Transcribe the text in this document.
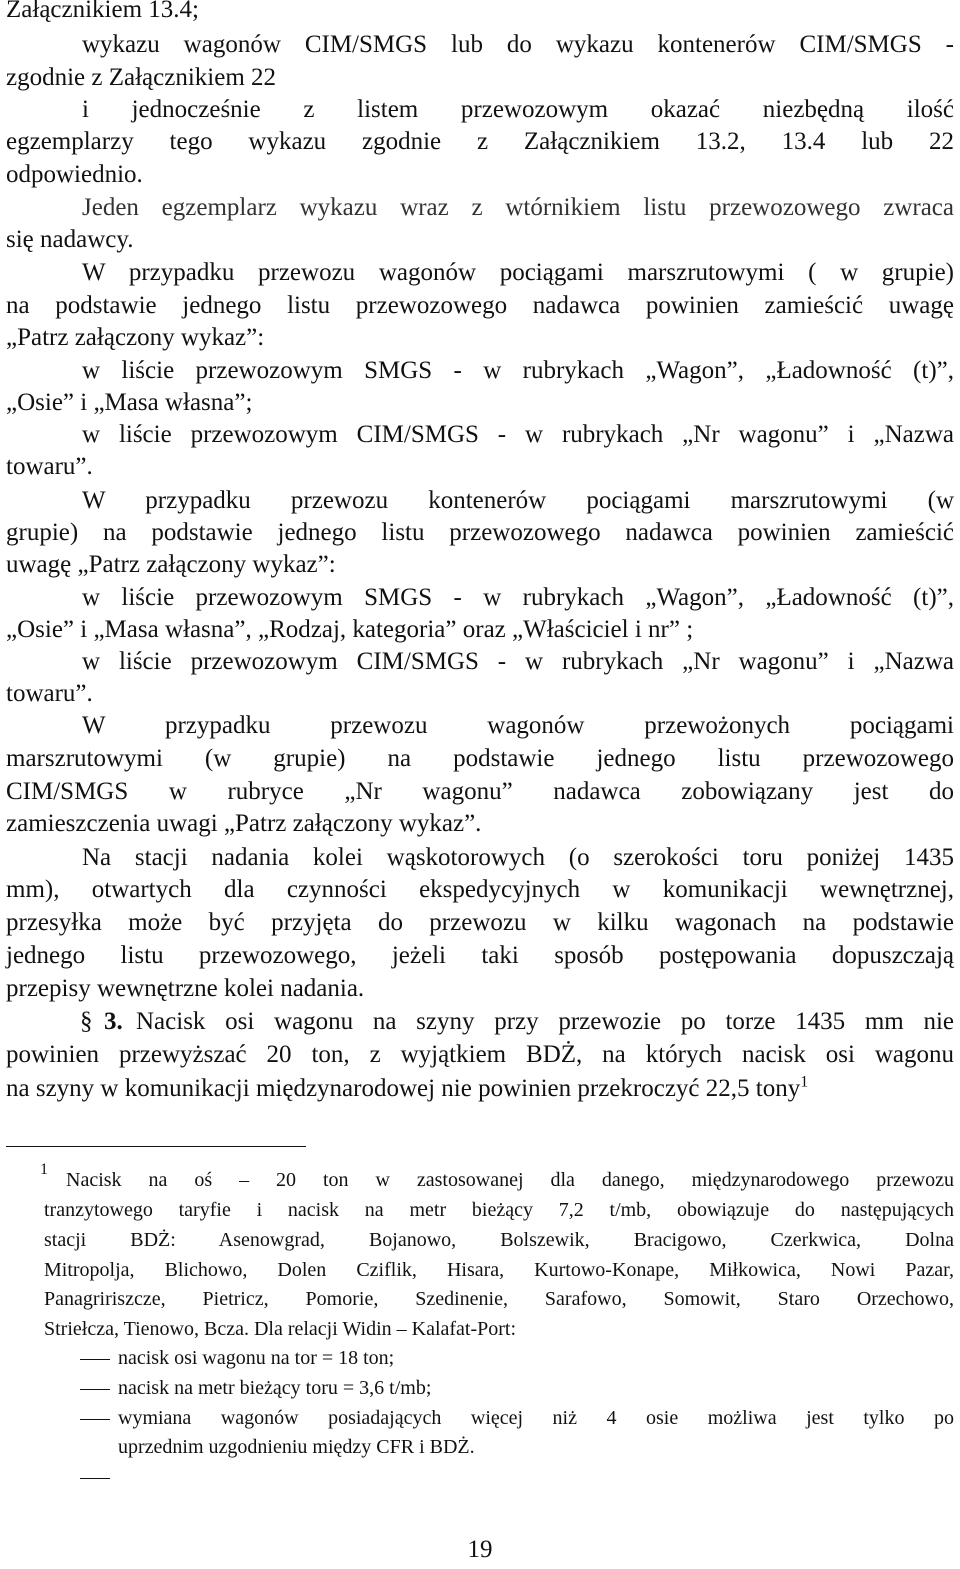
Załącznikiem 13.4;
wykazu wagonów CIM/SMGS lub do wykazu kontenerów CIM/SMGS -
zgodnie z Załącznikiem 22
i jednocześnie z listem przewozowym okazać niezbędną ilość
egzemplarzy tego wykazu zgodnie z Załącznikiem 13.2, 13.4 lub 22
odpowiednio.
Jeden egzemplarz wykazu wraz z wtórnikiem listu przewozowego zwraca
się nadawcy.
W przypadku przewozu wagonów pociągami marszrutowymi ( w grupie)
na podstawie jednego listu przewozowego nadawca powinien zamieścić uwagę
„Patrz załączony wykaz”:
w liście przewozowym SMGS - w rubrykach „Wagon”, „Ładowność (t)”,
„Osie” i „Masa własna”;
w liście przewozowym CIM/SMGS - w rubrykach „Nr wagonu” i „Nazwa
towaru”.
W przypadku przewozu kontenerów pociągami marszrutowymi (w
grupie) na podstawie jednego listu przewozowego nadawca powinien zamieścić
uwagę „Patrz załączony wykaz”:
w liście przewozowym SMGS - w rubrykach „Wagon”, „Ładowność (t)”,
„Osie” i „Masa własna”, „Rodzaj, kategoria” oraz „Właściciel i nr” ;
w liście przewozowym CIM/SMGS - w rubrykach „Nr wagonu” i „Nazwa
towaru”.
W przypadku przewozu wagonów przewożonych pociągami
marszrutowymi (w grupie) na podstawie jednego listu przewozowego
CIM/SMGS w rubryce „Nr wagonu” nadawca zobowiązany jest do
zamieszczenia uwagi „Patrz załączony wykaz”.
Na stacji nadania kolei wąskotorowych (o szerokości toru poniżej 1435
mm), otwartych dla czynności ekspedycyjnych w komunikacji wewnętrznej,
przesyłka może być przyjęta do przewozu w kilku wagonach na podstawie
jednego listu przewozowego, jeżeli taki sposób postępowania dopuszczają
przepisy wewnętrzne kolei nadania.
§ 3. Nacisk osi wagonu na szyny przy przewozie po torze 1435 mm nie
powinien przewyższać 20 ton, z wyjątkiem BDŻ, na których nacisk osi wagonu
na szyny w komunikacji międzynarodowej nie powinien przekroczyć 22,5 tony$^1$
1 Nacisk na oś – 20 ton w zastosowanej dla danego, międzynarodowego przewozu
tranzytowego taryfie i nacisk na metr bieżący 7,2 t/mb, obowiązuje do następujących
stacji BDŻ: Asenowgrad, Bojanowo, Bolszewik, Bracigowo, Czerkwica, Dolna
Mitropolja, Blichowo, Dolen Cziflik, Hisara, Kurtowo-Konape, Miłkowica, Nowi Pazar,
Panagririszcze, Pietricz, Pomorie, Szedinenie, Sarafowo, Somowit, Staro Orzechowo,
Striełcza, Tienowo, Bcza. Dla relacji Widin – Kalafat-Port:
nacisk osi wagonu na tor = 18 ton;
nacisk na metr bieżący toru = 3,6 t/mb;
wymiana wagonów posiadających więcej niż 4 osie możliwa jest tylko po
uprzednim uzgodnieniu między CFR i BDŻ.
19
